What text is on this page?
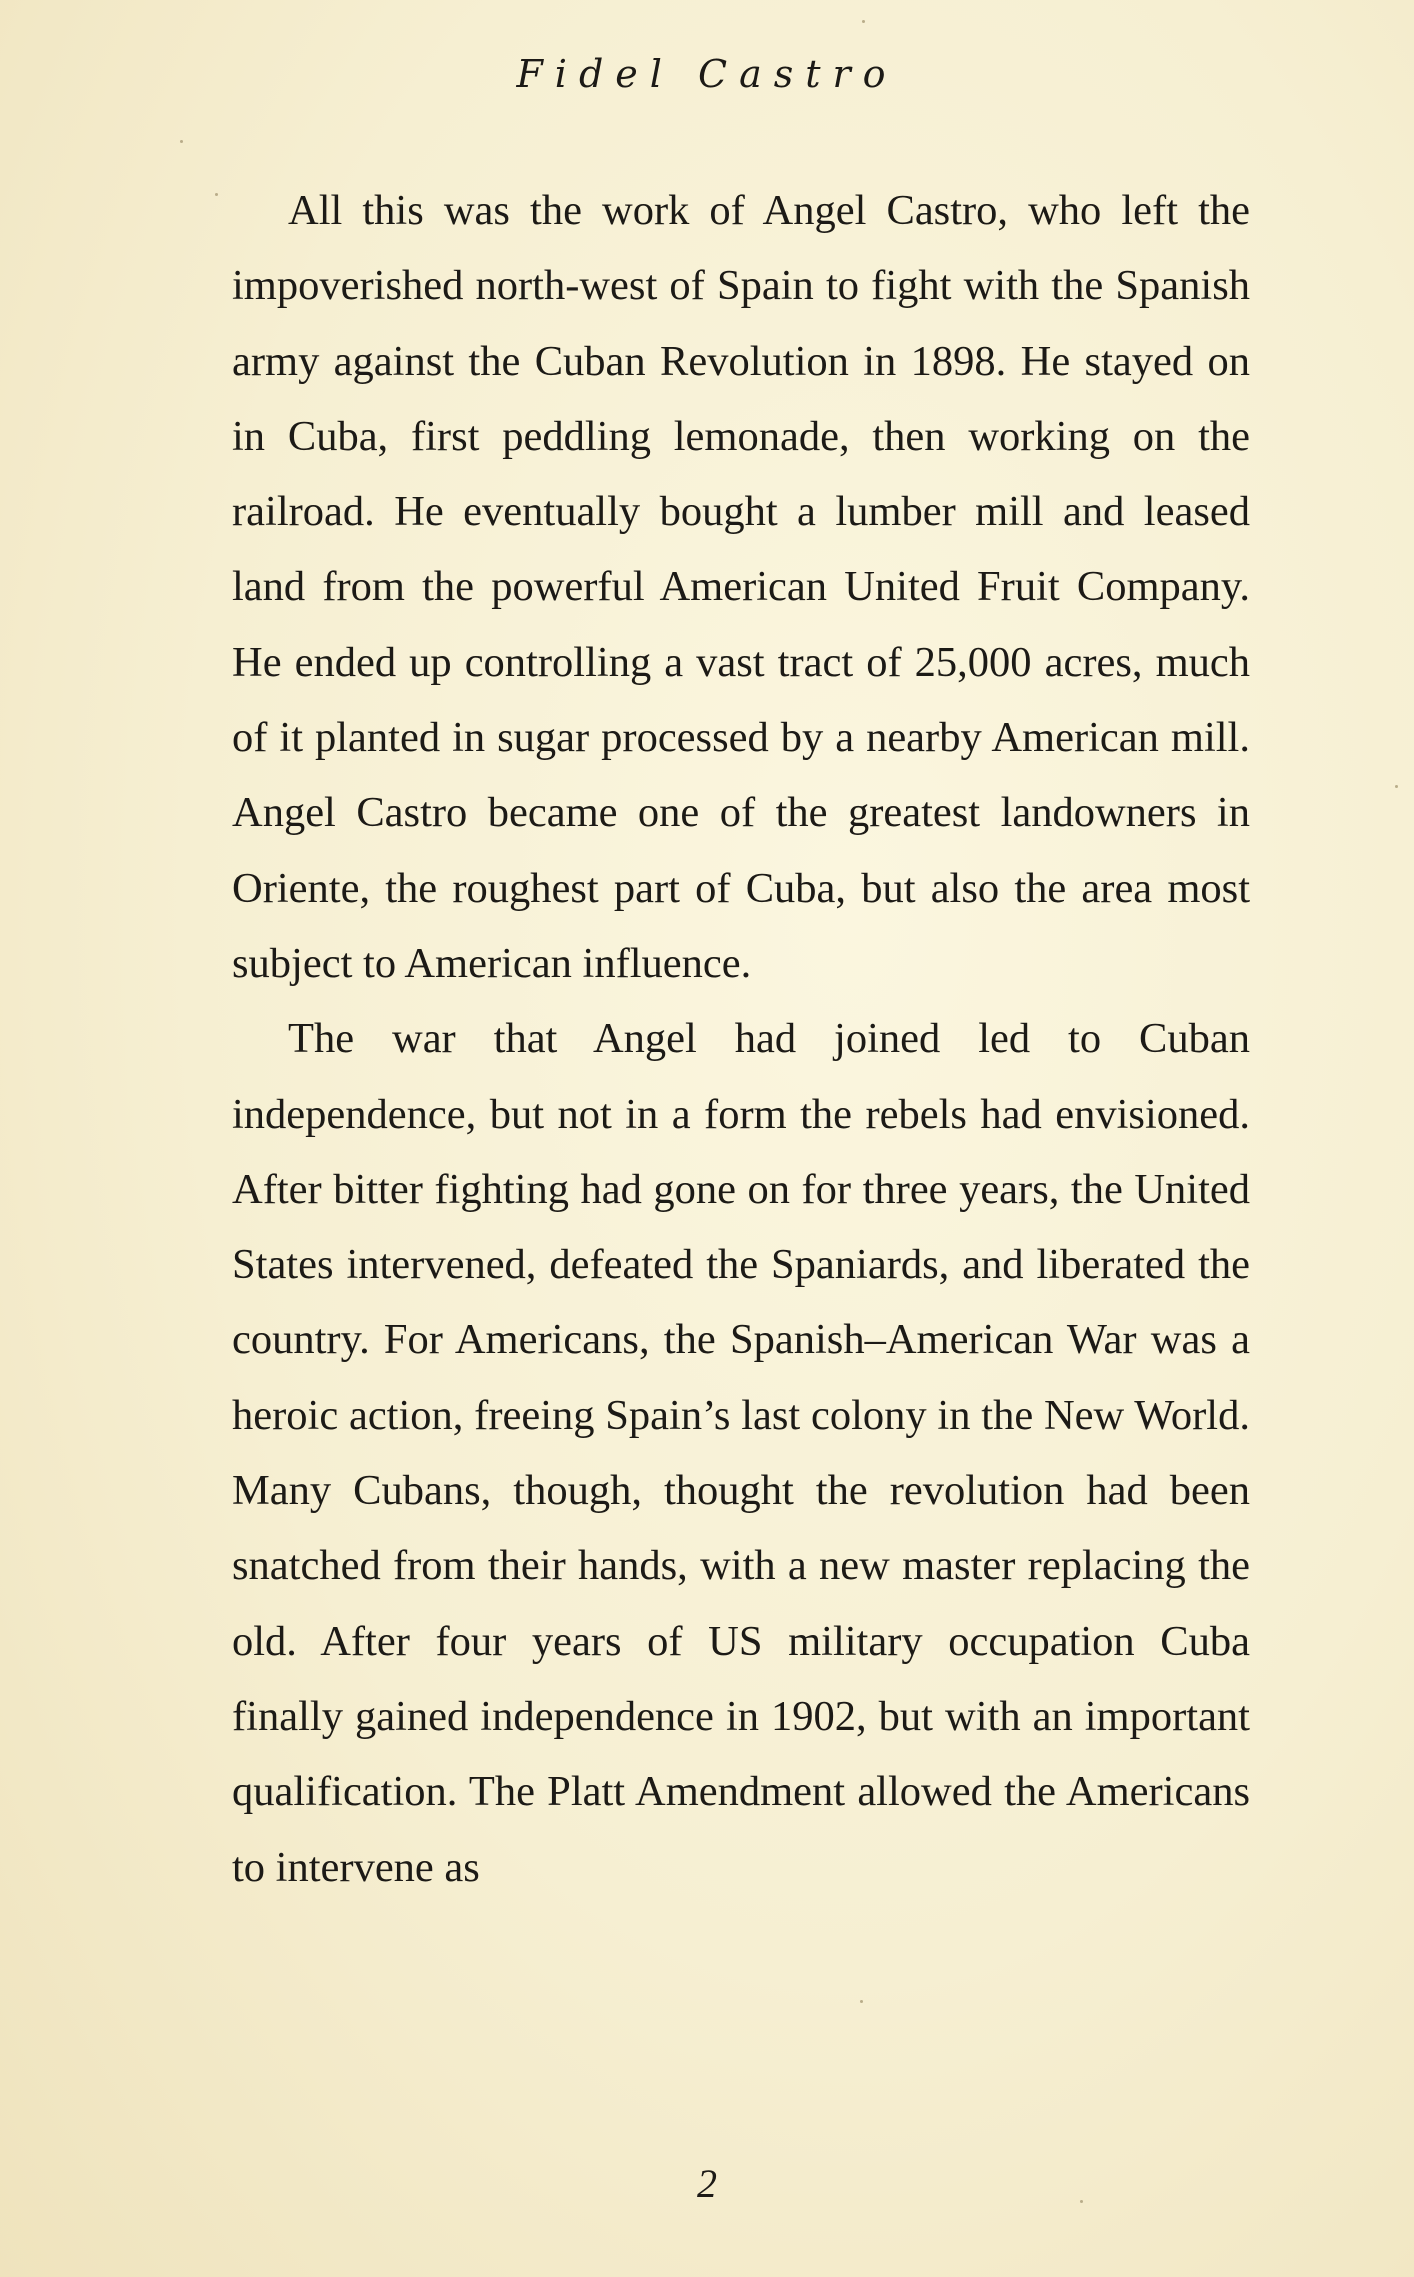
Fidel Castro

All this was the work of Angel Castro, who left the impoverished north-west of Spain to fight with the Spanish army against the Cuban Revolution in 1898. He stayed on in Cuba, first peddling lemonade, then working on the railroad. He eventually bought a lumber mill and leased land from the powerful American United Fruit Company. He ended up controlling a vast tract of 25,000 acres, much of it planted in sugar processed by a nearby American mill. Angel Castro became one of the greatest landowners in Oriente, the roughest part of Cuba, but also the area most subject to American influence.

The war that Angel had joined led to Cuban independence, but not in a form the rebels had envisioned. After bitter fighting had gone on for three years, the United States intervened, defeated the Spaniards, and liberated the country. For Americans, the Spanish–American War was a heroic action, freeing Spain’s last colony in the New World. Many Cubans, though, thought the revolution had been snatched from their hands, with a new master replacing the old. After four years of US military occupation Cuba finally gained independence in 1902, but with an important qualification. The Platt Amendment allowed the Americans to intervene as

2
